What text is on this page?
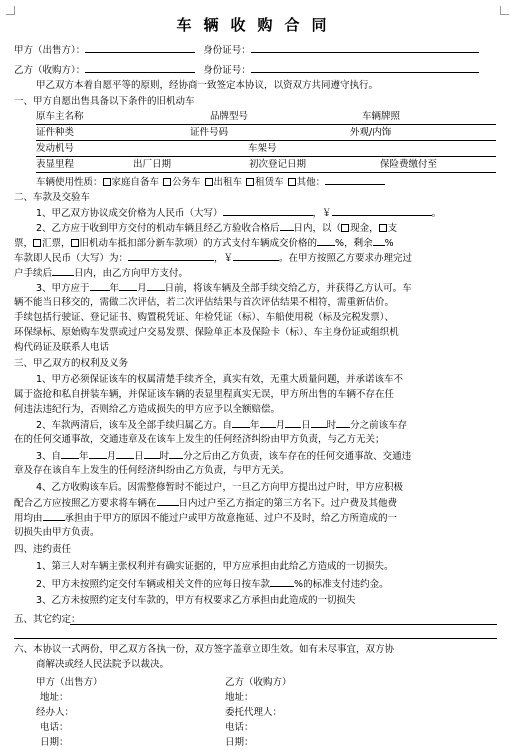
车辆收购合同
甲方（出售方）：	身份证号：
乙方（收购方）：	身份证号：
甲乙双方本着自愿平等的原则，经协商一致签定本协议，以资双方共同遵守执行。
一、甲方自愿出售具备以下条件的旧机动车
原车主名称	品牌型号	车辆牌照
证件种类	证件号码	外观/内饰
发动机号	车架号
表显里程	出厂日期	初次登记日期	保险费缴付至
车辆使用性质： 家庭自备车 公务车 出租车 租赁车 其他：
二、车款及交验车
1、甲乙双方协议成交价格为人民币（大写）	，￥	。
2、乙方应于收到甲方交付的机动车辆且经乙方验收合格后 日内，以（ 现金， 支
票， 汇票， 旧机动车抵扣部分新车款项）的方式支付车辆成交价格的 %，剩余 %
车款即人民币（大写）为：	，￥	。在甲方按照乙方要求办理完过
户手续后 日内，由乙方向甲方支付。
3、甲方应于 年 月 日前，将该车辆及全部手续交给乙方，并获得乙方认可。车
辆不能当日移交的，需做二次评估，若二次评估结果与首次评估结果不相符，需重新估价。
手续包括行驶证、登记证书、购置税凭证、年检凭证（标）、车船使用税（标及完税发票）、
环保绿标、原始购车发票或过户交易发票、保险单正本及保险卡（标）、车主身份证或组织机
构代码证及联系人电话
三、甲乙双方的权利及义务
1、甲方必须保证该车的权属清楚手续齐全，真实有效，无重大质量问题，并承诺该车不
属于盗抢和私自拼装车辆，并保证该车辆的表显里程真实无误，甲方所出售的车辆不存在任
何违法违纪行为，否则给乙方造成损失的甲方应予以全额赔偿。
2、车款两清后，该车及全部手续归属乙方。自 年 月 日 时 分之前该车存
在的任何交通事故，交通违章及在该车上发生的任何经济纠纷由甲方负责，与乙方无关；
3、自 年 月 日 时 分之后由乙方负责，该车存在的任何交通事故、交通违
章及存在该自车上发生的任何经济纠纷由乙方负责，与甲方无关。
4、乙方收购该车后。因需整修暂时不能过户，一旦乙方向甲方提出过户时，甲方应积极
配合乙方应按照乙方要求将车辆在 日内过户至乙方指定的第三方名下。过户费及其他费
用均由 承担由于甲方的原因不能过户或甲方故意拖延、过户不及时，给乙方所造成的一
切损失由甲方负责。
四、违约责任
1、第三人对车辆主张权利并有确实证据的，甲方应承担由此给乙方造成的一切损失。
2、甲方未按照约定交付车辆或相关文件的应每日按车款	%的标准支付违约金。
3、乙方未按照约定支付车款的，甲方有权要求乙方承担由此造成的一切损失
五、其它约定：
六、本协议一式两份，甲乙双方各执一份，双方签字盖章立即生效。如有未尽事宜，双方协
商解决或经人民法院予以裁决。
甲方（出售方）	乙方（收购方）
地址：	地址：
经办人：	委托代理人：
电话：	电话：
日期：	日期：
